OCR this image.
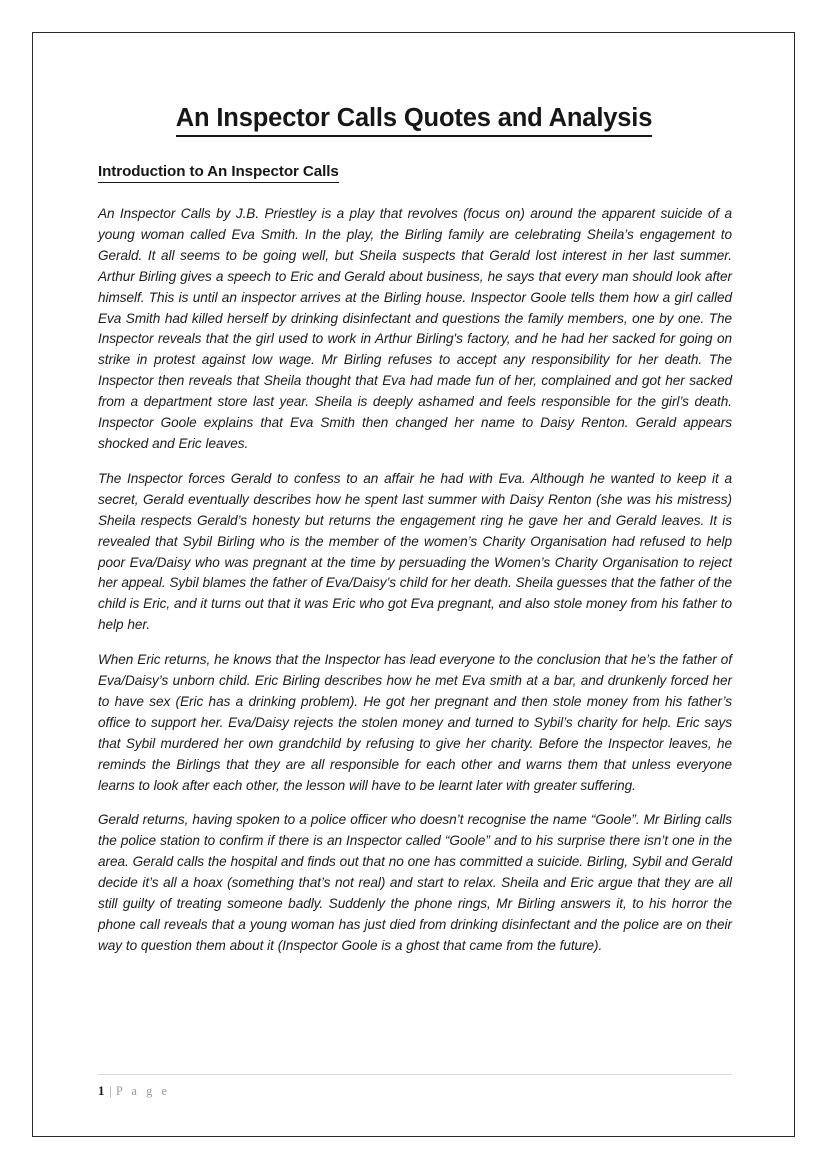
An Inspector Calls Quotes and Analysis
Introduction to An Inspector Calls

An Inspector Calls by J.B. Priestley is a play that revolves (focus on) around the apparent suicide of a young woman called Eva Smith. In the play, the Birling family are celebrating Sheila’s engagement to Gerald. It all seems to be going well, but Sheila suspects that Gerald lost interest in her last summer. Arthur Birling gives a speech to Eric and Gerald about business, he says that every man should look after himself. This is until an inspector arrives at the Birling house. Inspector Goole tells them how a girl called Eva Smith had killed herself by drinking disinfectant and questions the family members, one by one. The Inspector reveals that the girl used to work in Arthur Birling's factory, and he had her sacked for going on strike in protest against low wage. Mr Birling refuses to accept any responsibility for her death. The Inspector then reveals that Sheila thought that Eva had made fun of her, complained and got her sacked from a department store last year. Sheila is deeply ashamed and feels responsible for the girl’s death. Inspector Goole explains that Eva Smith then changed her name to Daisy Renton. Gerald appears shocked and Eric leaves.

The Inspector forces Gerald to confess to an affair he had with Eva. Although he wanted to keep it a secret, Gerald eventually describes how he spent last summer with Daisy Renton (she was his mistress) Sheila respects Gerald’s honesty but returns the engagement ring he gave her and Gerald leaves. It is revealed that Sybil Birling who is the member of the women’s Charity Organisation had refused to help poor Eva/Daisy who was pregnant at the time by persuading the Women’s Charity Organisation to reject her appeal. Sybil blames the father of Eva/Daisy’s child for her death. Sheila guesses that the father of the child is Eric, and it turns out that it was Eric who got Eva pregnant, and also stole money from his father to help her.

When Eric returns, he knows that the Inspector has lead everyone to the conclusion that he’s the father of Eva/Daisy’s unborn child. Eric Birling describes how he met Eva smith at a bar, and drunkenly forced her to have sex (Eric has a drinking problem). He got her pregnant and then stole money from his father’s office to support her. Eva/Daisy rejects the stolen money and turned to Sybil’s charity for help. Eric says that Sybil murdered her own grandchild by refusing to give her charity. Before the Inspector leaves, he reminds the Birlings that they are all responsible for each other and warns them that unless everyone learns to look after each other, the lesson will have to be learnt later with greater suffering.

Gerald returns, having spoken to a police officer who doesn’t recognise the name “Goole”. Mr Birling calls the police station to confirm if there is an Inspector called “Goole” and to his surprise there isn’t one in the area. Gerald calls the hospital and finds out that no one has committed a suicide. Birling, Sybil and Gerald decide it’s all a hoax (something that’s not real) and start to relax. Sheila and Eric argue that they are all still guilty of treating someone badly. Suddenly the phone rings, Mr Birling answers it, to his horror the phone call reveals that a young woman has just died from drinking disinfectant and the police are on their way to question them about it (Inspector Goole is a ghost that came from the future).

1 | P a g e
